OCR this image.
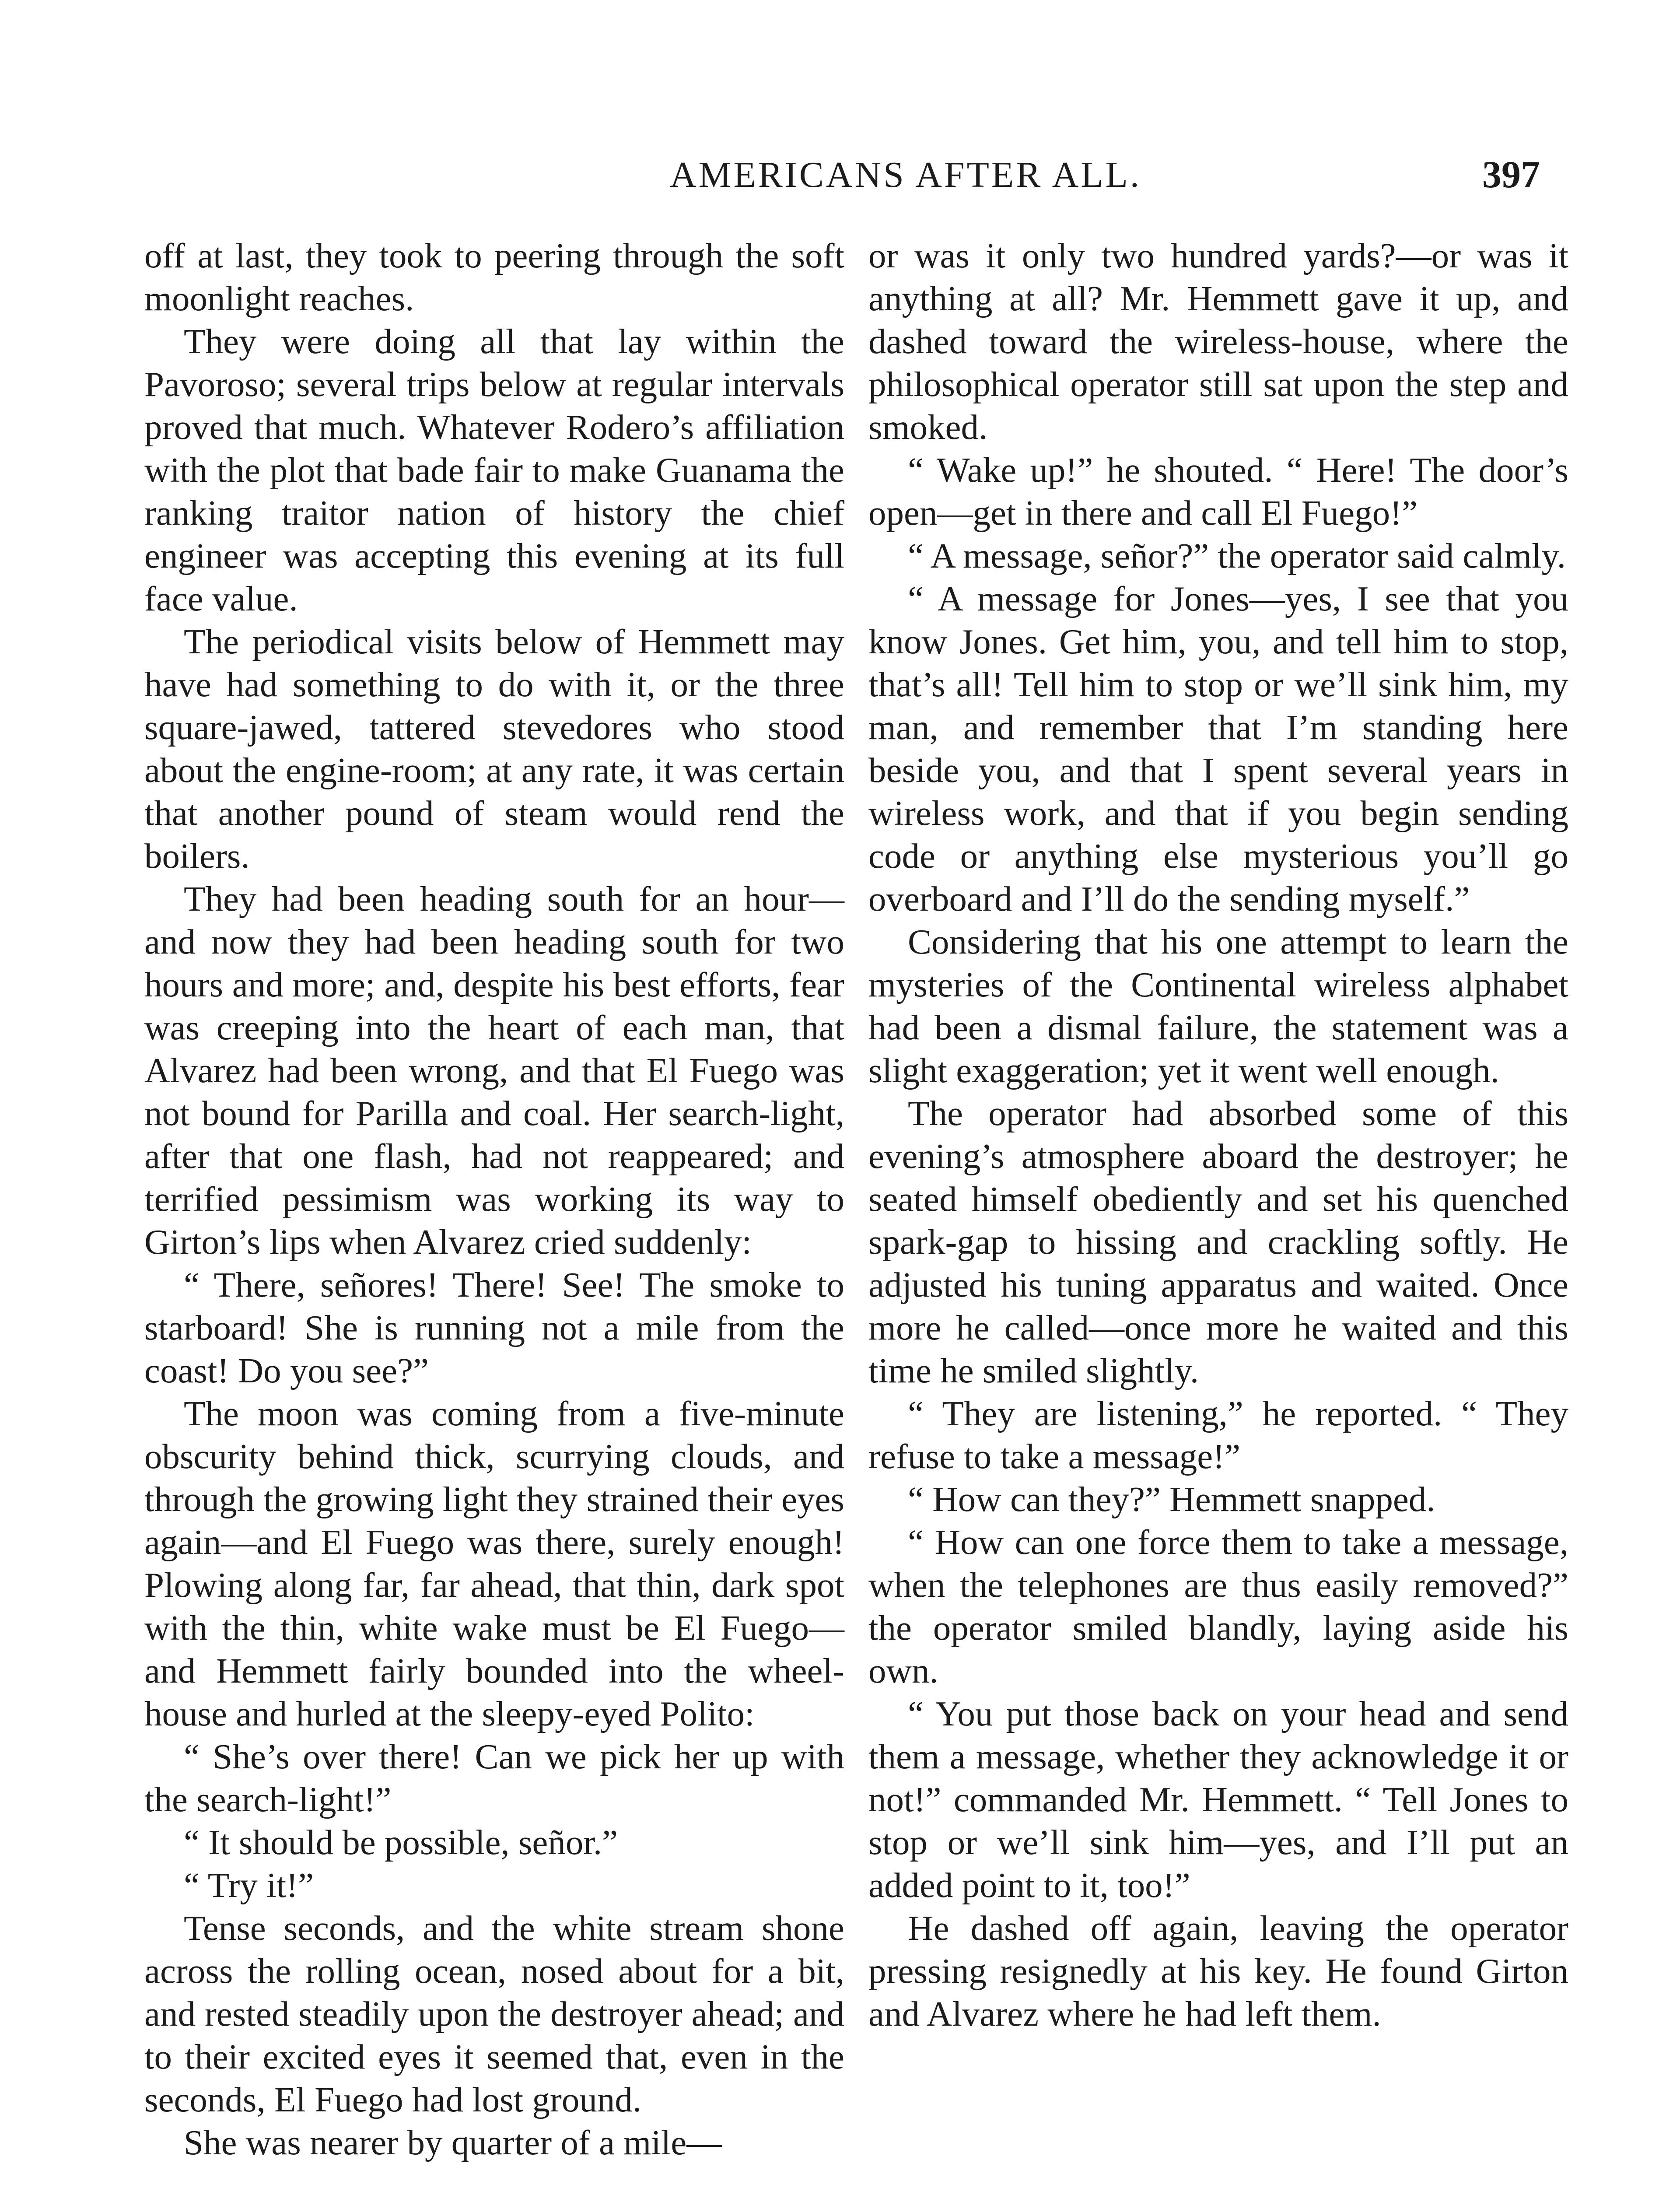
AMERICANS AFTER ALL.	397

off at last, they took to peering through the soft moonlight reaches.

They were doing all that lay within the Pavoroso; several trips below at regular intervals proved that much. Whatever Rodero’s affiliation with the plot that bade fair to make Guanama the ranking traitor nation of history the chief engineer was accepting this evening at its full face value.

The periodical visits below of Hemmett may have had something to do with it, or the three square-jawed, tattered stevedores who stood about the engine-room; at any rate, it was certain that another pound of steam would rend the boilers.

They had been heading south for an hour—and now they had been heading south for two hours and more; and, despite his best efforts, fear was creeping into the heart of each man, that Alvarez had been wrong, and that El Fuego was not bound for Parilla and coal. Her search-light, after that one flash, had not reappeared; and terrified pessimism was working its way to Girton’s lips when Alvarez cried suddenly:

“ There, señores! There! See! The smoke to starboard! She is running not a mile from the coast! Do you see?”

The moon was coming from a five-minute obscurity behind thick, scurrying clouds, and through the growing light they strained their eyes again—and El Fuego was there, surely enough! Plowing along far, far ahead, that thin, dark spot with the thin, white wake must be El Fuego—and Hemmett fairly bounded into the wheel-house and hurled at the sleepy-eyed Polito:

“ She’s over there! Can we pick her up with the search-light!”

“ It should be possible, señor.”

“ Try it!”

Tense seconds, and the white stream shone across the rolling ocean, nosed about for a bit, and rested steadily upon the destroyer ahead; and to their excited eyes it seemed that, even in the seconds, El Fuego had lost ground.

She was nearer by quarter of a mile—

or was it only two hundred yards?—or was it anything at all? Mr. Hemmett gave it up, and dashed toward the wireless-house, where the philosophical operator still sat upon the step and smoked.

“ Wake up!” he shouted. “ Here! The door’s open—get in there and call El Fuego!”

“ A message, señor?” the operator said calmly.

“ A message for Jones—yes, I see that you know Jones. Get him, you, and tell him to stop, that’s all! Tell him to stop or we’ll sink him, my man, and remember that I’m standing here beside you, and that I spent several years in wireless work, and that if you begin sending code or anything else mysterious you’ll go overboard and I’ll do the sending myself.”

Considering that his one attempt to learn the mysteries of the Continental wireless alphabet had been a dismal failure, the statement was a slight exaggeration; yet it went well enough.

The operator had absorbed some of this evening’s atmosphere aboard the destroyer; he seated himself obediently and set his quenched spark-gap to hissing and crackling softly. He adjusted his tuning apparatus and waited. Once more he called—once more he waited and this time he smiled slightly.

“ They are listening,” he reported. “ They refuse to take a message!”

“ How can they?” Hemmett snapped.

“ How can one force them to take a message, when the telephones are thus easily removed?” the operator smiled blandly, laying aside his own.

“ You put those back on your head and send them a message, whether they acknowledge it or not!” commanded Mr. Hemmett. “ Tell Jones to stop or we’ll sink him—yes, and I’ll put an added point to it, too!”

He dashed off again, leaving the operator pressing resignedly at his key. He found Girton and Alvarez where he had left them.
